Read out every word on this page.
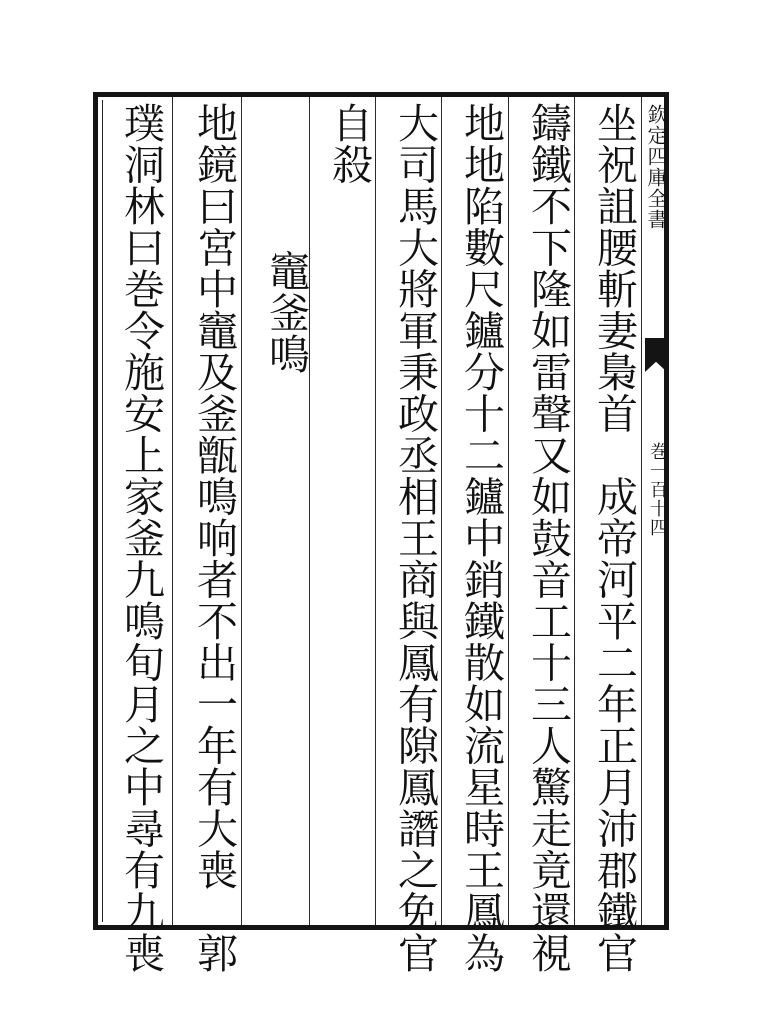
坐祝詛腰斬妻梟首　成帝河平二年正月沛郡鐵官
鑄鐵不下隆如雷聲又如鼓音工十三人驚走竟還視
地地陷數尺鑪分十二鑪中銷鐵散如流星時王鳳為
大司馬大將軍秉政丞相王商與鳳有隙鳳譖之免官
自殺
竈釜鳴
地鏡曰宮中竈及釜甑鳴响者不出一年有大喪　郭
璞洞林曰巻令施安上家釜九鳴旬月之中尋有九喪	欽定四庫全書
巻一百十四
